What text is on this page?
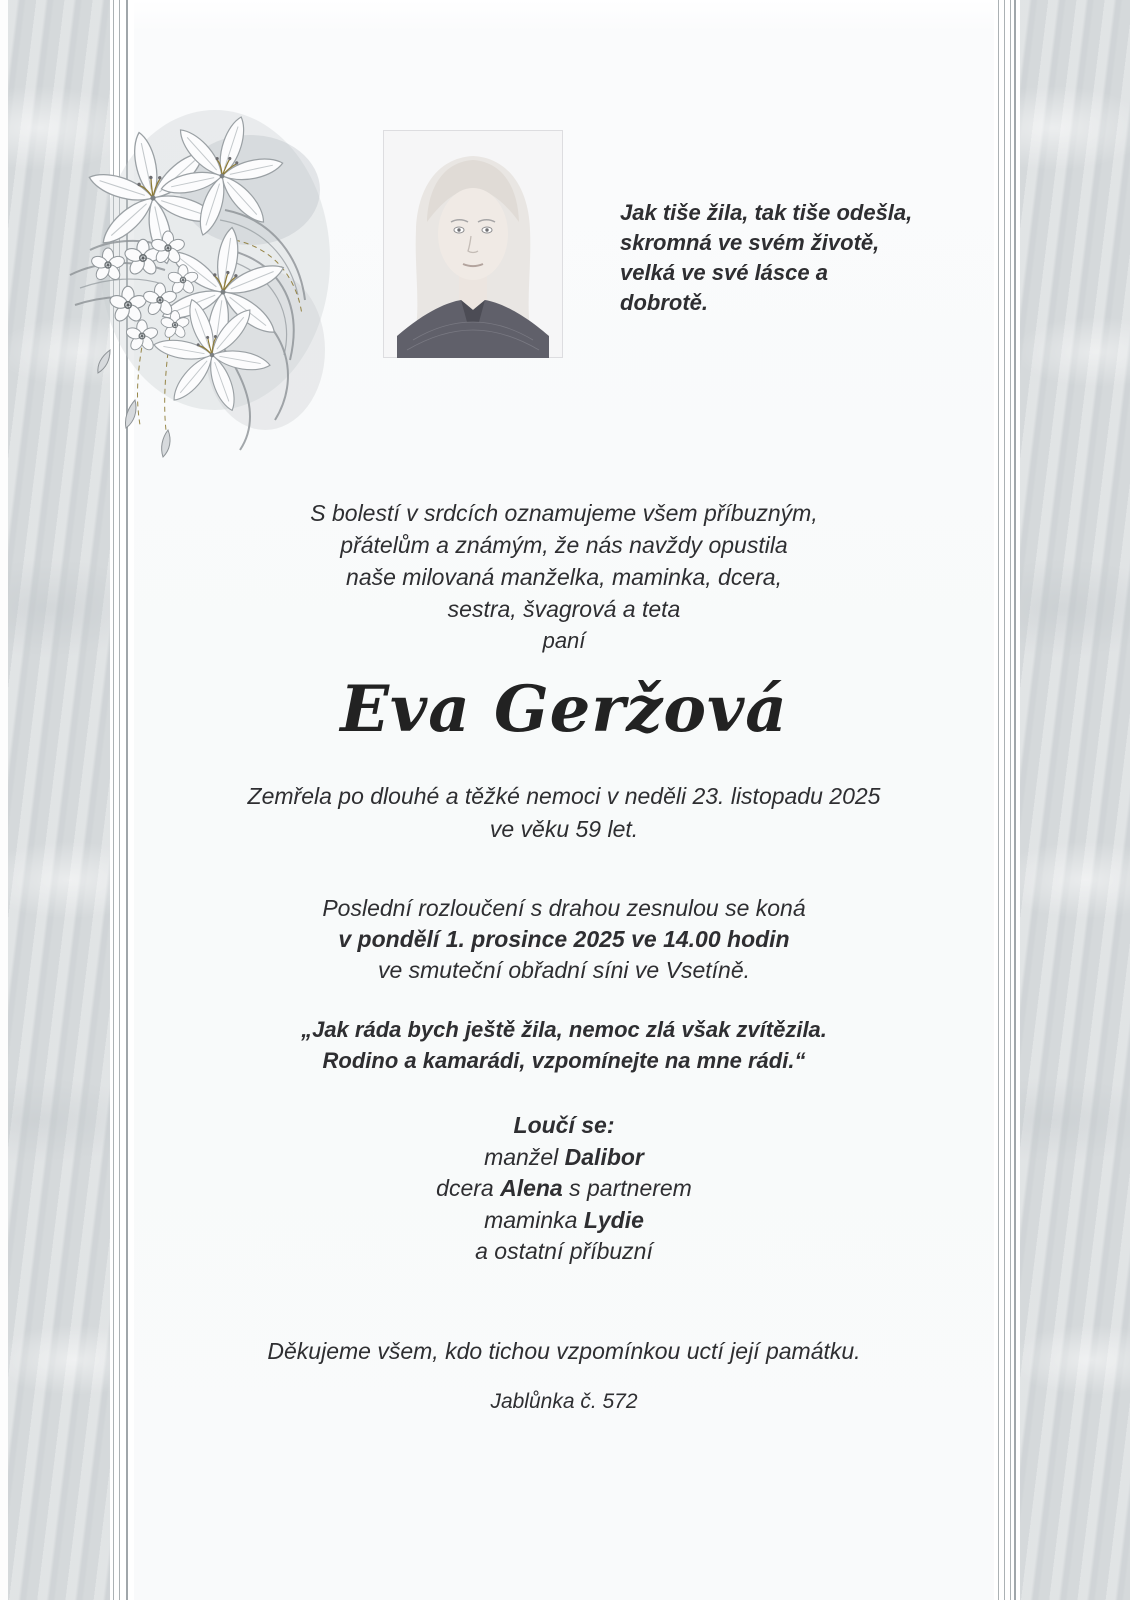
Jak tiše žila, tak tiše odešla,
skromná ve svém životě,
velká ve své lásce a dobrotě.
S bolestí v srdcích oznamujeme všem příbuzným,
přátelům a známým, že nás navždy opustila
naše milovaná manželka, maminka, dcera,
sestra, švagrová a teta
paní
Eva Geržová
Zemřela po dlouhé a těžké nemoci v neděli 23. listopadu 2025
ve věku 59 let.
Poslední rozloučení s drahou zesnulou se koná
v pondělí 1. prosince 2025 ve 14.00 hodin
ve smuteční obřadní síni ve Vsetíně.
„Jak ráda bych ještě žila, nemoc zlá však zvítězila.
Rodino a kamarádi, vzpomínejte na mne rádi.“
Loučí se:
manžel Dalibor
dcera Alena s partnerem
maminka Lydie
a ostatní příbuzní
Děkujeme všem, kdo tichou vzpomínkou uctí její památku.
Jablůnka č. 572
